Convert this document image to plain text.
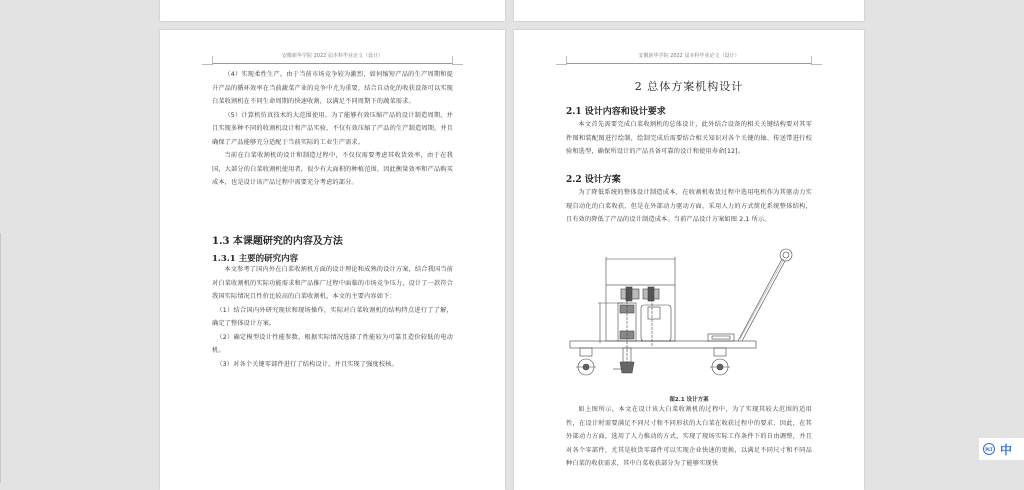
安徽新华学院 2022 届本科毕业论文（设计）

（4）实现柔性生产。由于当前市场竞争较为激烈，如何缩短产品的生产周期和提升产品的循环效率在当前蔬菜产业的竞争中尤为重要，结合自动化的收获设备可以实现白菜收割机在不同生命周期的快速收割，以满足不同周期下的蔬菜需求。

（5）计算机仿真技术的大范围使用。为了能够有效压缩产品的设计制造周期，并且实现多种不同的收割机设计和产品实验，不仅有效压缩了产品的生产制造周期，并且确保了产品能够充分适配于当前实际的工业生产需求。

当前在白菜收割机的设计和制造过程中，不仅仅需要考虑其收货效率，由于在我国，大部分的白菜收割机使用者，很少有大面积的种植范围，因此衡量效率和产品购买成本，也是设计该产品过程中需要充分考虑的部分。

1.3 本课题研究的内容及方法

1.3.1 主要的研究内容

本文参考了国内外在白菜收割机方面的设计理论和成熟的设计方案，结合我国当前对白菜收割机的实际功能需求和产品推广过程中面临的市场竞争压力，设计了一款符合我国实际情况且性价比较高的白菜收割机，本文的主要内容如下：

（1）结合国内外研究现状和现场操作，实际对白菜收割机的结构特点进行了了解，确定了整体设计方案。

（2）确定模型设计性能参数，根据实际情况选择了性能较为可靠且造价较低的电动机。

（3）对各个关键零部件进行了结构设计，并且实现了强度校核。

安徽新华学院 2022 届本科毕业论文（设计）

2 总体方案机构设计

2.1 设计内容和设计要求

本文首先需要完成白菜收割机的总体设计，此外结合设备的相关关键结构要对其零件图和装配图进行绘制，绘制完成后需要结合相关知识对各个关键的轴、传送带进行校验和选型，确保所设计的产品具备可靠的设计和使用寿命[12]。

2.2 设计方案

为了降低系统的整体设计制造成本，在收割机收货过程中选用电机作为其驱动力实现自动化的白菜收获，但是在外部动力驱动方面，采用人力的方式简化系统整体结构，且有效的降低了产品的设计制造成本。当前产品设计方案如图 2.1 所示。

图2.1 设计方案

如上图所示，本文在设计该大白菜收割机的过程中，为了实现其较大范围的适用性，在设计时需要满足不同尺寸和不同形状的大白菜在收获过程中的要求，因此，在其外部动力方面，选用了人力推动的方式，实现了现场实际工作条件下的自由调整，并且对各个零部件，尤其是收货零部件可以实现企业快速的更换，以满足不同尺寸和不同品种白菜的收获需求，其中白菜收获部分为了能够实现快

PLT 中
